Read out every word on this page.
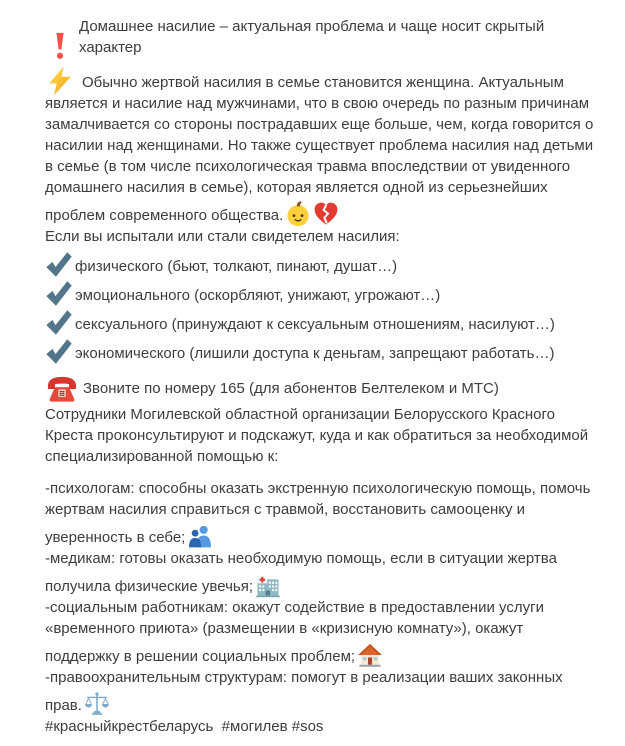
Домашнее насилие – актуальная проблема и чаще носит скрытый характер

Обычно жертвой насилия в семье становится женщина. Актуальным является и насилие над мужчинами, что в свою очередь по разным причинам замалчивается со стороны пострадавших еще больше, чем, когда говорится о насилии над женщинами. Но также существует проблема насилия над детьми в семье (в том числе психологическая травма впоследствии от увиденного домашнего насилия в семье), которая является одной из серьезнейших проблем современного общества.

Если вы испытали или стали свидетелем насилия:

физического (бьют, толкают, пинают, душат…)
эмоционального (оскорбляют, унижают, угрожают…)
сексуального (принуждают к сексуальным отношениям, насилуют…)
экономического (лишили доступа к деньгам, запрещают работать…)
Звоните по номеру 165 (для абонентов Белтелеком и МТС)

Сотрудники Могилевской областной организации Белорусского Красного Креста проконсультируют и подскажут, куда и как обратиться за необходимой специализированной помощью к:

-психологам: способны оказать экстренную психологическую помощь, помочь жертвам насилия справиться с травмой, восстановить самооценку и уверенность в себе;

-медикам: готовы оказать необходимую помощь, если в ситуации жертва получила физические увечья;

-социальным работникам: окажут содействие в предоставлении услуги «временного приюта» (размещении в «кризисную комнату»), окажут поддержку в решении социальных проблем;

-правоохранительным структурам: помогут в реализации ваших законных прав.

#красныйкрестбеларусь  #могилев #sos
